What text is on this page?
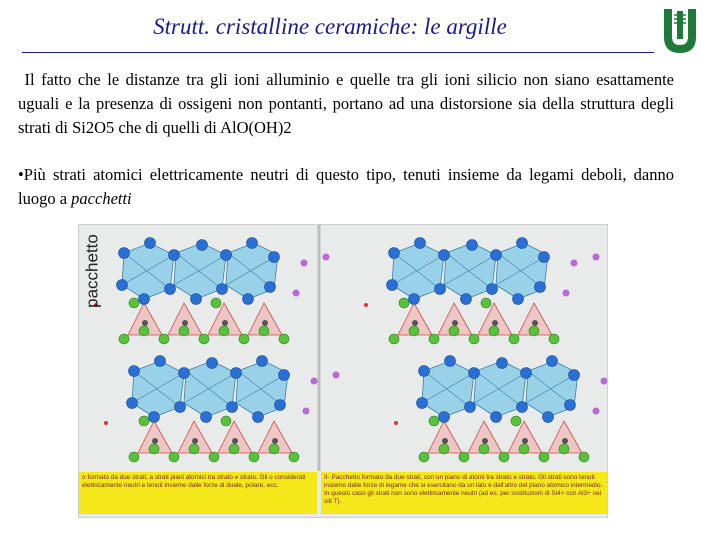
Strutt. cristalline ceramiche: le argille
Il fatto che le distanze tra gli ioni alluminio e quelle tra gli ioni silicio non siano esattamente uguali e la presenza di ossigeni non pontanti, portano ad una distorsione sia della struttura degli strati di Si2O5 che di quelli di AlO(OH)2
•Più strati atomici elettricamente neutri di questo tipo, tenuti insieme da legami deboli, danno luogo a pacchetti
pacchetto
o formato da due strati, a strati piani atomici tra strato e strato. Gli o considerati elettricamente neutri e tenuti insieme dalle forze di duale, polare, ecc.
II- Pacchetto formato da due strati, con un piano di atomi tra strato e strato. Gli strati sono tenuti insieme dalle forze di legame che si esercitano da un lato e dall'altro del piano atomico intermedio. In questo caso gli strati non sono elettricamente neutri (ad es. per sostituzioni di Si4+ con Al3+ nei siti T).
